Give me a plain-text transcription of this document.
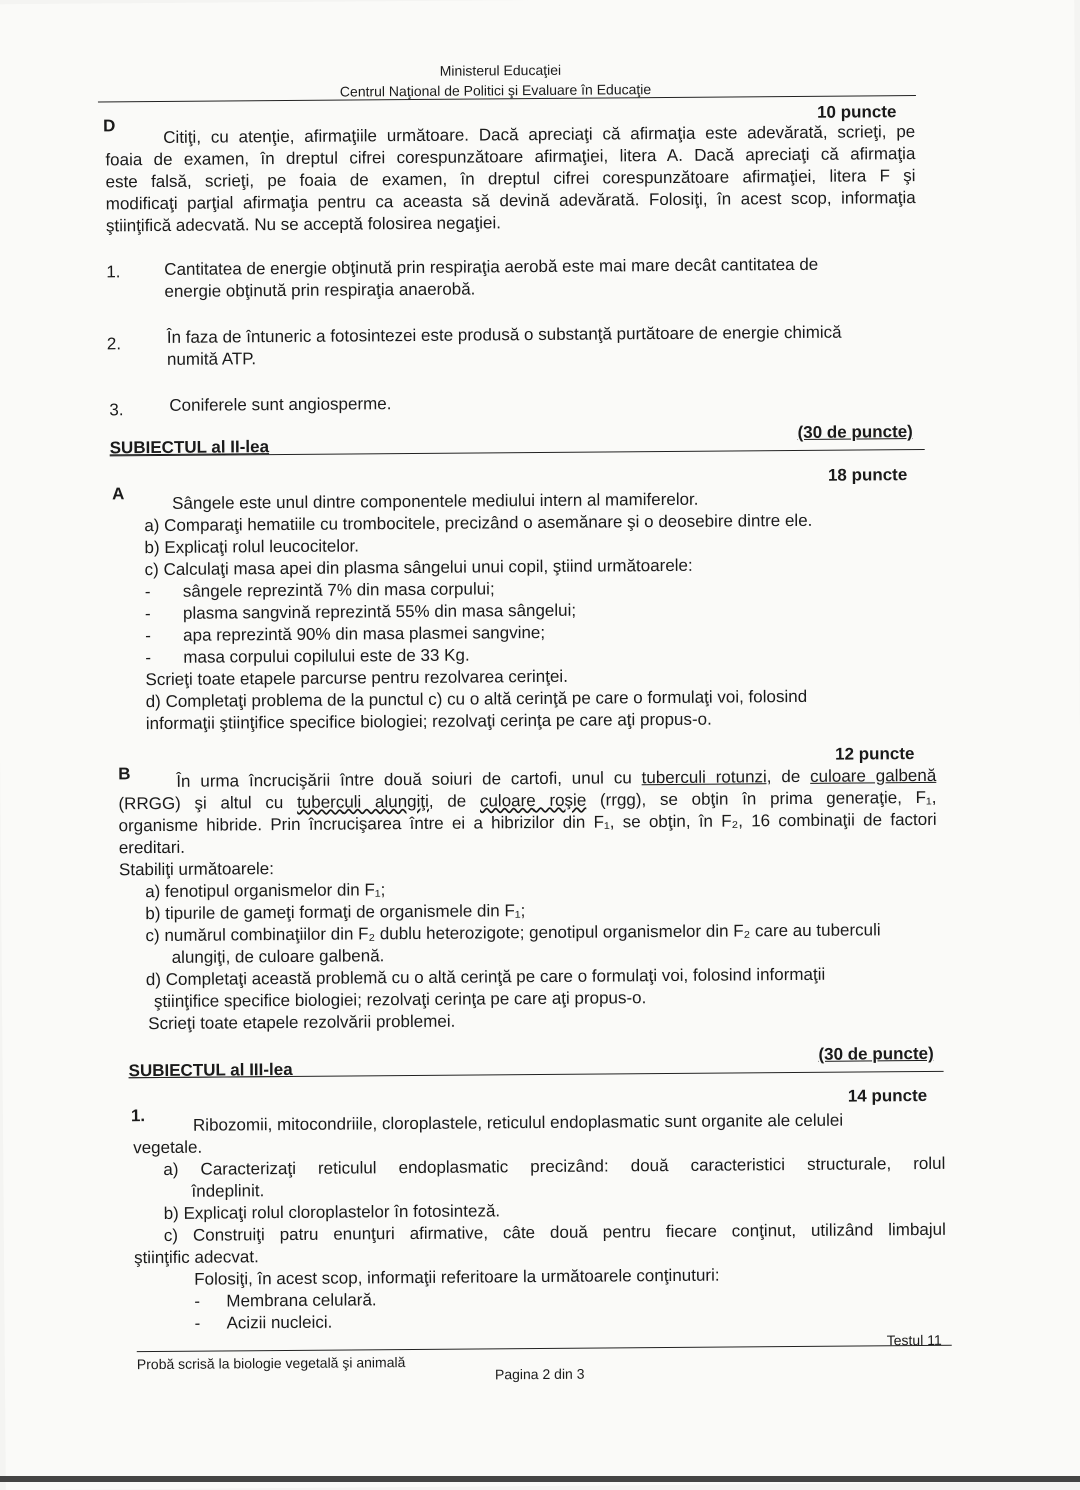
Ministerul Educaţiei
Centrul Naţional de Politici şi Evaluare în Educaţie
D
10 puncte
Citiţi, cu atenţie, afirmaţiile următoare. Dacă apreciaţi că afirmaţia este adevărată, scrieţi, pe
foaia de examen, în dreptul cifrei corespunzătoare afirmaţiei, litera A. Dacă apreciaţi că afirmaţia
este falsă, scrieţi, pe foaia de examen, în dreptul cifrei corespunzătoare afirmaţiei, litera F şi
modificaţi parţial afirmaţia pentru ca aceasta să devină adevărată. Folosiţi, în acest scop, informaţia
ştiinţifică adecvată. Nu se acceptă folosirea negaţiei.
1.	Cantitatea de energie obţinută prin respiraţia aerobă este mai mare decât cantitatea de
energie obţinută prin respiraţia anaerobă.
2.	În faza de întuneric a fotosintezei este produsă o substanţă purtătoare de energie chimică
numită ATP.
3.	Coniferele sunt angiosperme.
SUBIECTUL al II-lea
(30 de puncte)
A
18 puncte
Sângele este unul dintre componentele mediului intern al mamiferelor.
a) Comparaţi hematiile cu trombocitele, precizând o asemănare şi o deosebire dintre ele.
b) Explicaţi rolul leucocitelor.
c) Calculaţi masa apei din plasma sângelui unui copil, ştiind următoarele:
- sângele reprezintă 7% din masa corpului;
- plasma sangvină reprezintă 55% din masa sângelui;
- apa reprezintă 90% din masa plasmei sangvine;
- masa corpului copilului este de 33 Kg.
Scrieţi toate etapele parcurse pentru rezolvarea cerinţei.
d) Completaţi problema de la punctul c) cu o altă cerinţă pe care o formulaţi voi, folosind
informaţii ştiinţifice specifice biologiei; rezolvaţi cerinţa pe care aţi propus-o.
B
12 puncte
În urma încrucişării între două soiuri de cartofi, unul cu tuberculi rotunzi, de culoare galbenă
(RRGG) şi altul cu tuberculi alungiţi, de culoare roşie (rrgg), se obţin în prima generaţie, F₁,
organisme hibride. Prin încrucişarea între ei a hibrizilor din F₁, se obţin, în F₂, 16 combinaţii de factori
ereditari.
Stabiliţi următoarele:
a) fenotipul organismelor din F₁;
b) tipurile de gameţi formaţi de organismele din F₁;
c) numărul combinaţiilor din F₂ dublu heterozigote; genotipul organismelor din F₂ care au tuberculi
alungiţi, de culoare galbenă.
d) Completaţi această problemă cu o altă cerinţă pe care o formulaţi voi, folosind informaţii
ştiinţifice specifice biologiei; rezolvaţi cerinţa pe care aţi propus-o.
Scrieţi toate etapele rezolvării problemei.
SUBIECTUL al III-lea
(30 de puncte)
1.
14 puncte
Ribozomii, mitocondriile, cloroplastele, reticulul endoplasmatic sunt organite ale celulei
vegetale.
a) Caracterizaţi reticulul endoplasmatic precizând: două caracteristici structurale, rolul
îndeplinit.
b) Explicaţi rolul cloroplastelor în fotosinteză.
c) Construiţi patru enunţuri afirmative, câte două pentru fiecare conţinut, utilizând limbajul
ştiinţific adecvat.
Folosiţi, în acest scop, informaţii referitoare la următoarele conţinuturi:
- Membrana celulară.
- Acizii nucleici.
Probă scrisă la biologie vegetală şi animală
Testul 11
Pagina 2 din 3
